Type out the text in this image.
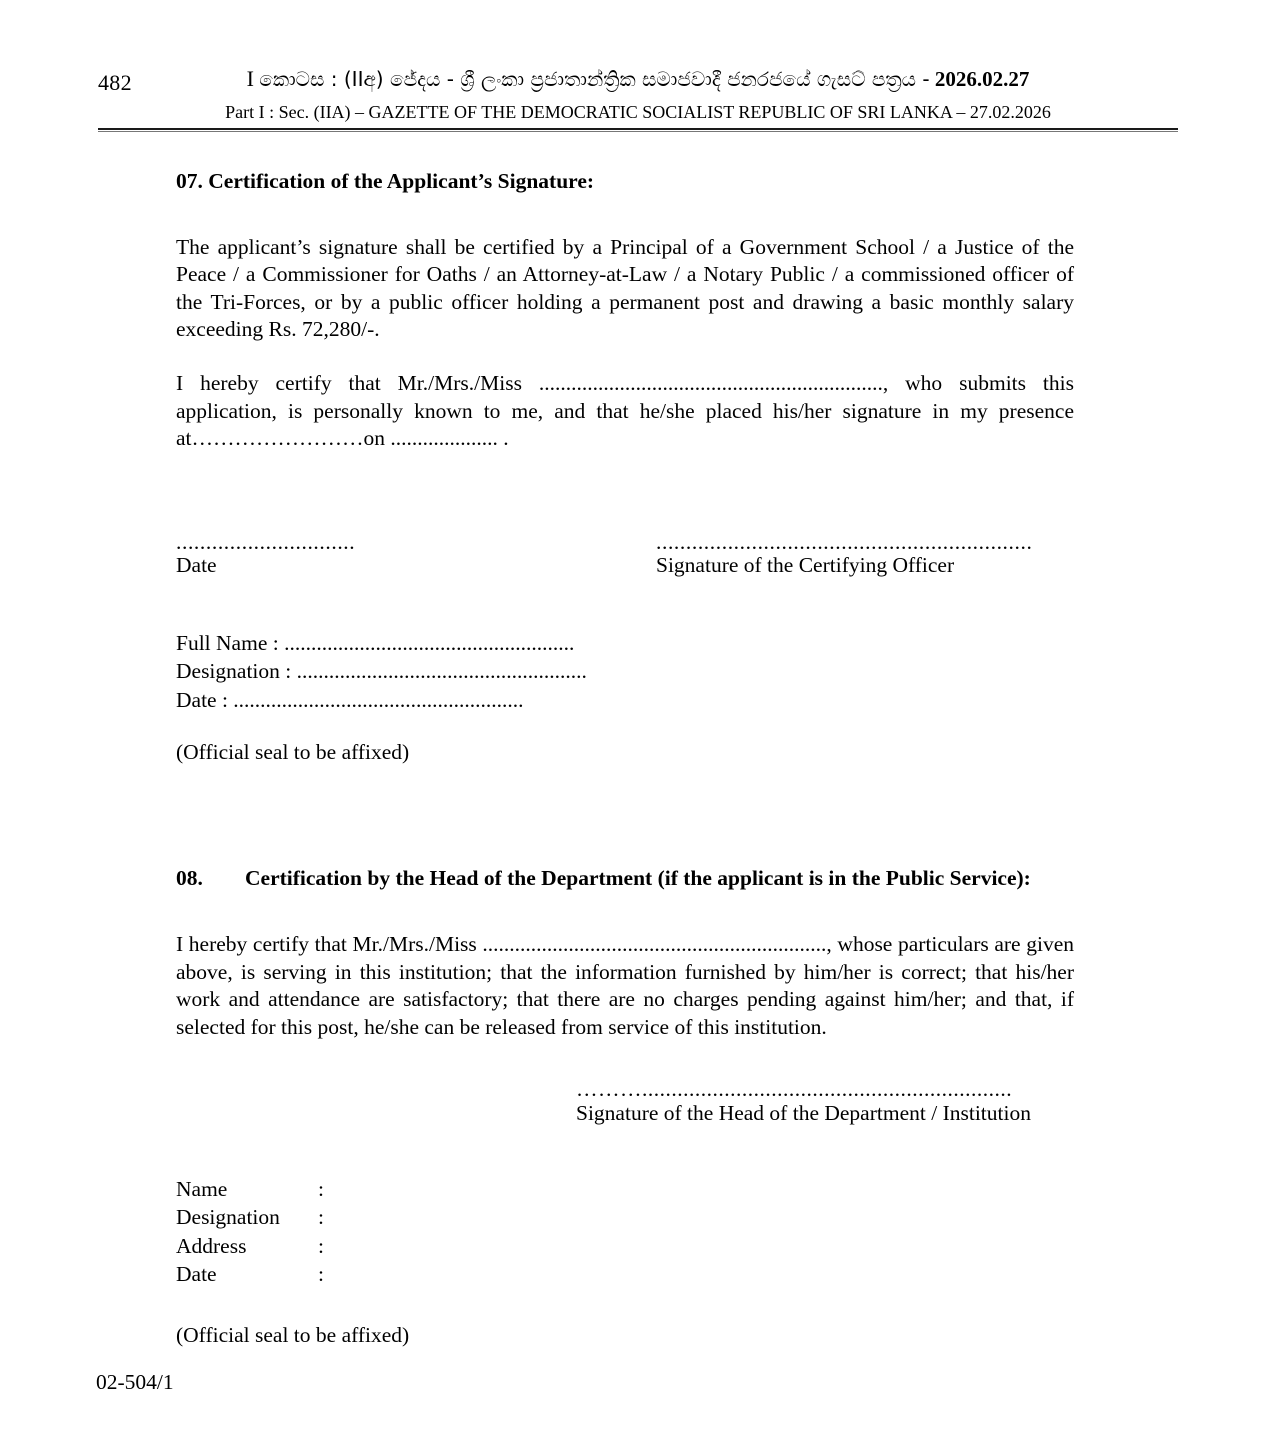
482	I කොටස : (IIඅ) ජේදය - ශ්‍රී ලංකා ප්‍රජාතාන්ත්‍රික සමාජවාදී ජනරජයේ ගැසට් පත්‍රය - 2026.02.27
Part I : Sec. (IIA) – GAZETTE OF THE DEMOCRATIC SOCIALIST REPUBLIC OF SRI LANKA – 27.02.2026
07. Certification of the Applicant’s Signature:

The applicant’s signature shall be certified by a Principal of a Government School / a Justice of the Peace / a Commissioner for Oaths / an Attorney-at-Law / a Notary Public / a commissioned officer of the Tri-Forces, or by a public officer holding a permanent post and drawing a basic monthly salary exceeding Rs. 72,280/-.

I hereby certify that Mr./Mrs./Miss ................................................................, who submits this application, is personally known to me, and that he/she placed his/her signature in my presence at……………………on .................... .

..............................
Date
...............................................................
Signature of the Certifying Officer
Full Name : ......................................................
Designation : ......................................................
Date : ......................................................
(Official seal to be affixed)
08.	Certification by the Head of the Department (if the applicant is in the Public Service):

I hereby certify that Mr./Mrs./Miss ................................................................, whose particulars are given above, is serving in this institution; that the information furnished by him/her is correct; that his/her work and attendance are satisfactory; that there are no charges pending against him/her; and that, if selected for this post, he/she can be released from service of this institution.

………...............................................................
Signature of the Head of the Department / Institution
Name	:
Designation	:
Address	:
Date	:
(Official seal to be affixed)
02-504/1
